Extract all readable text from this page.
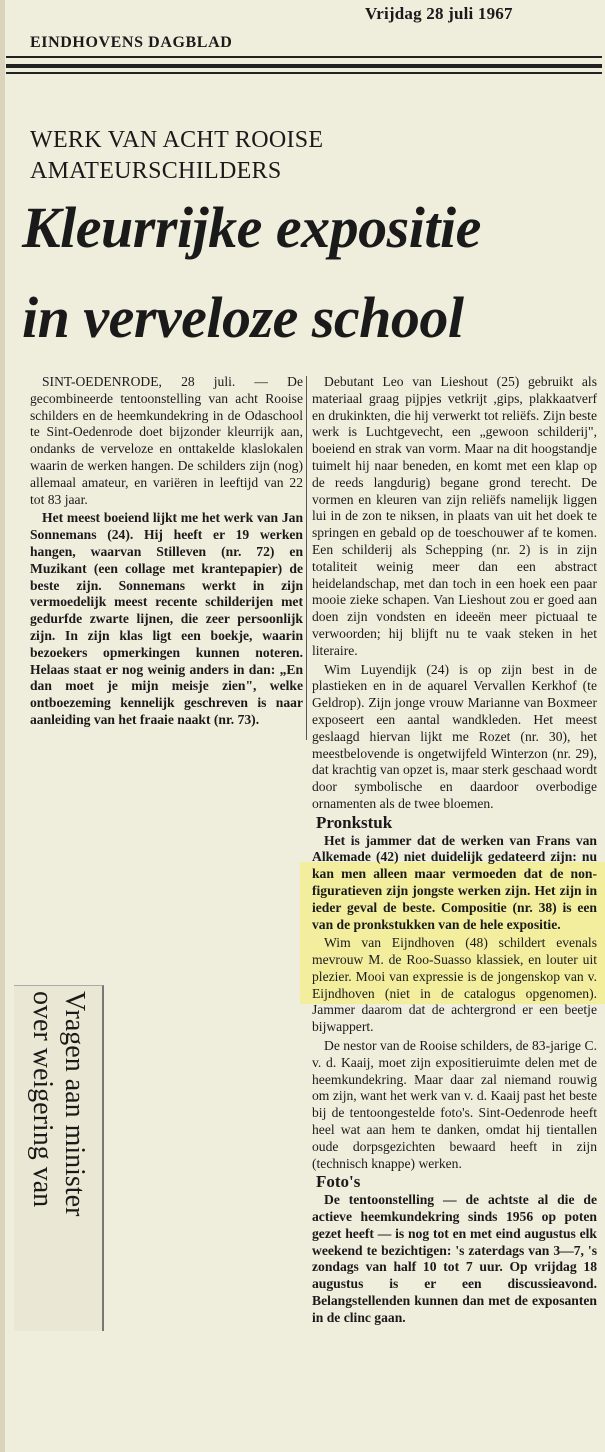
Vrijdag 28 juli 1967
EINDHOVENS DAGBLAD
WERK VAN ACHT ROOISE
AMATEURSCHILDERS
Kleurrijke expositie
in verveloze school

SINT-OEDENRODE, 28 juli. — De gecombineerde tentoonstelling van acht Rooise schilders en de heemkundekring in de Odaschool te Sint-Oedenrode doet bijzonder kleurrijk aan, ondanks de verveloze en onttakelde klaslokalen waarin de werken hangen. De schilders zijn (nog) allemaal amateur, en variëren in leeftijd van 22 tot 83 jaar.

Het meest boeiend lijkt me het werk van Jan Sonnemans (24). Hij heeft er 19 werken hangen, waarvan Stilleven (nr. 72) en Muzikant (een collage met krantepapier) de beste zijn. Sonnemans werkt in zijn vermoedelijk meest recente schilderijen met gedurfde zwarte lijnen, die zeer persoonlijk zijn. In zijn klas ligt een boekje, waarin bezoekers opmerkingen kunnen noteren. Helaas staat er nog weinig anders in dan: „En dan moet je mijn meisje zien", welke ontboezeming kennelijk geschreven is naar aanleiding van het fraaie naakt (nr. 73).

Debutant Leo van Lieshout (25) gebruikt als materiaal graag pijpjes vetkrijt ,gips, plakkaatverf en drukinkten, die hij verwerkt tot reliëfs. Zijn beste werk is Luchtgevecht, een „gewoon schilderij", boeiend en strak van vorm. Maar na dit hoogstandje tuimelt hij naar beneden, en komt met een klap op de reeds langdurig) begane grond terecht. De vormen en kleuren van zijn reliëfs namelijk liggen lui in de zon te niksen, in plaats van uit het doek te springen en gebald op de toeschouwer af te komen. Een schilderij als Schepping (nr. 2) is in zijn totaliteit weinig meer dan een abstract heidelandschap, met dan toch in een hoek een paar mooie zieke schapen. Van Lieshout zou er goed aan doen zijn vondsten en ideeën meer pictuaal te verwoorden; hij blijft nu te vaak steken in het literaire.

Wim Luyendijk (24) is op zijn best in de plastieken en in de aquarel Vervallen Kerkhof (te Geldrop). Zijn jonge vrouw Marianne van Boxmeer exposeert een aantal wandkleden. Het meest geslaagd hiervan lijkt me Rozet (nr. 30), het meestbelovende is ongetwijfeld Winterzon (nr. 29), dat krachtig van opzet is, maar sterk geschaad wordt door symbolische en daardoor overbodige ornamenten als de twee bloemen.

Pronkstuk

Het is jammer dat de werken van Frans van Alkemade (42) niet duidelijk gedateerd zijn: nu kan men alleen maar vermoeden dat de non-figuratieven zijn jongste werken zijn. Het zijn in ieder geval de beste. Compositie (nr. 38) is een van de pronkstukken van de hele expositie.

Wim van Eijndhoven (48) schildert evenals mevrouw M. de Roo-Suasso klassiek, en louter uit plezier. Mooi van expressie is de jongenskop van v. Eijndhoven (niet in de catalogus opgenomen). Jammer daarom dat de achtergrond er een beetje bijwappert.

De nestor van de Rooise schilders, de 83-jarige C. v. d. Kaaij, moet zijn expositieruimte delen met de heemkundekring. Maar daar zal niemand rouwig om zijn, want het werk van v. d. Kaaij past het beste bij de tentoongestelde foto's. Sint-Oedenrode heeft heel wat aan hem te danken, omdat hij tientallen oude dorpsgezichten bewaard heeft in zijn (technisch knappe) werken.

Foto's

De tentoonstelling — de achtste al die de actieve heemkundekring sinds 1956 op poten gezet heeft — is nog tot en met eind augustus elk weekend te bezichtigen: 's zaterdags van 3—7, 's zondags van half 10 tot 7 uur. Op vrijdag 18 augustus is er een discussieavond. Belangstellenden kunnen dan met de exposanten in de clinc gaan.

Vragen aan minister
over weigering van
